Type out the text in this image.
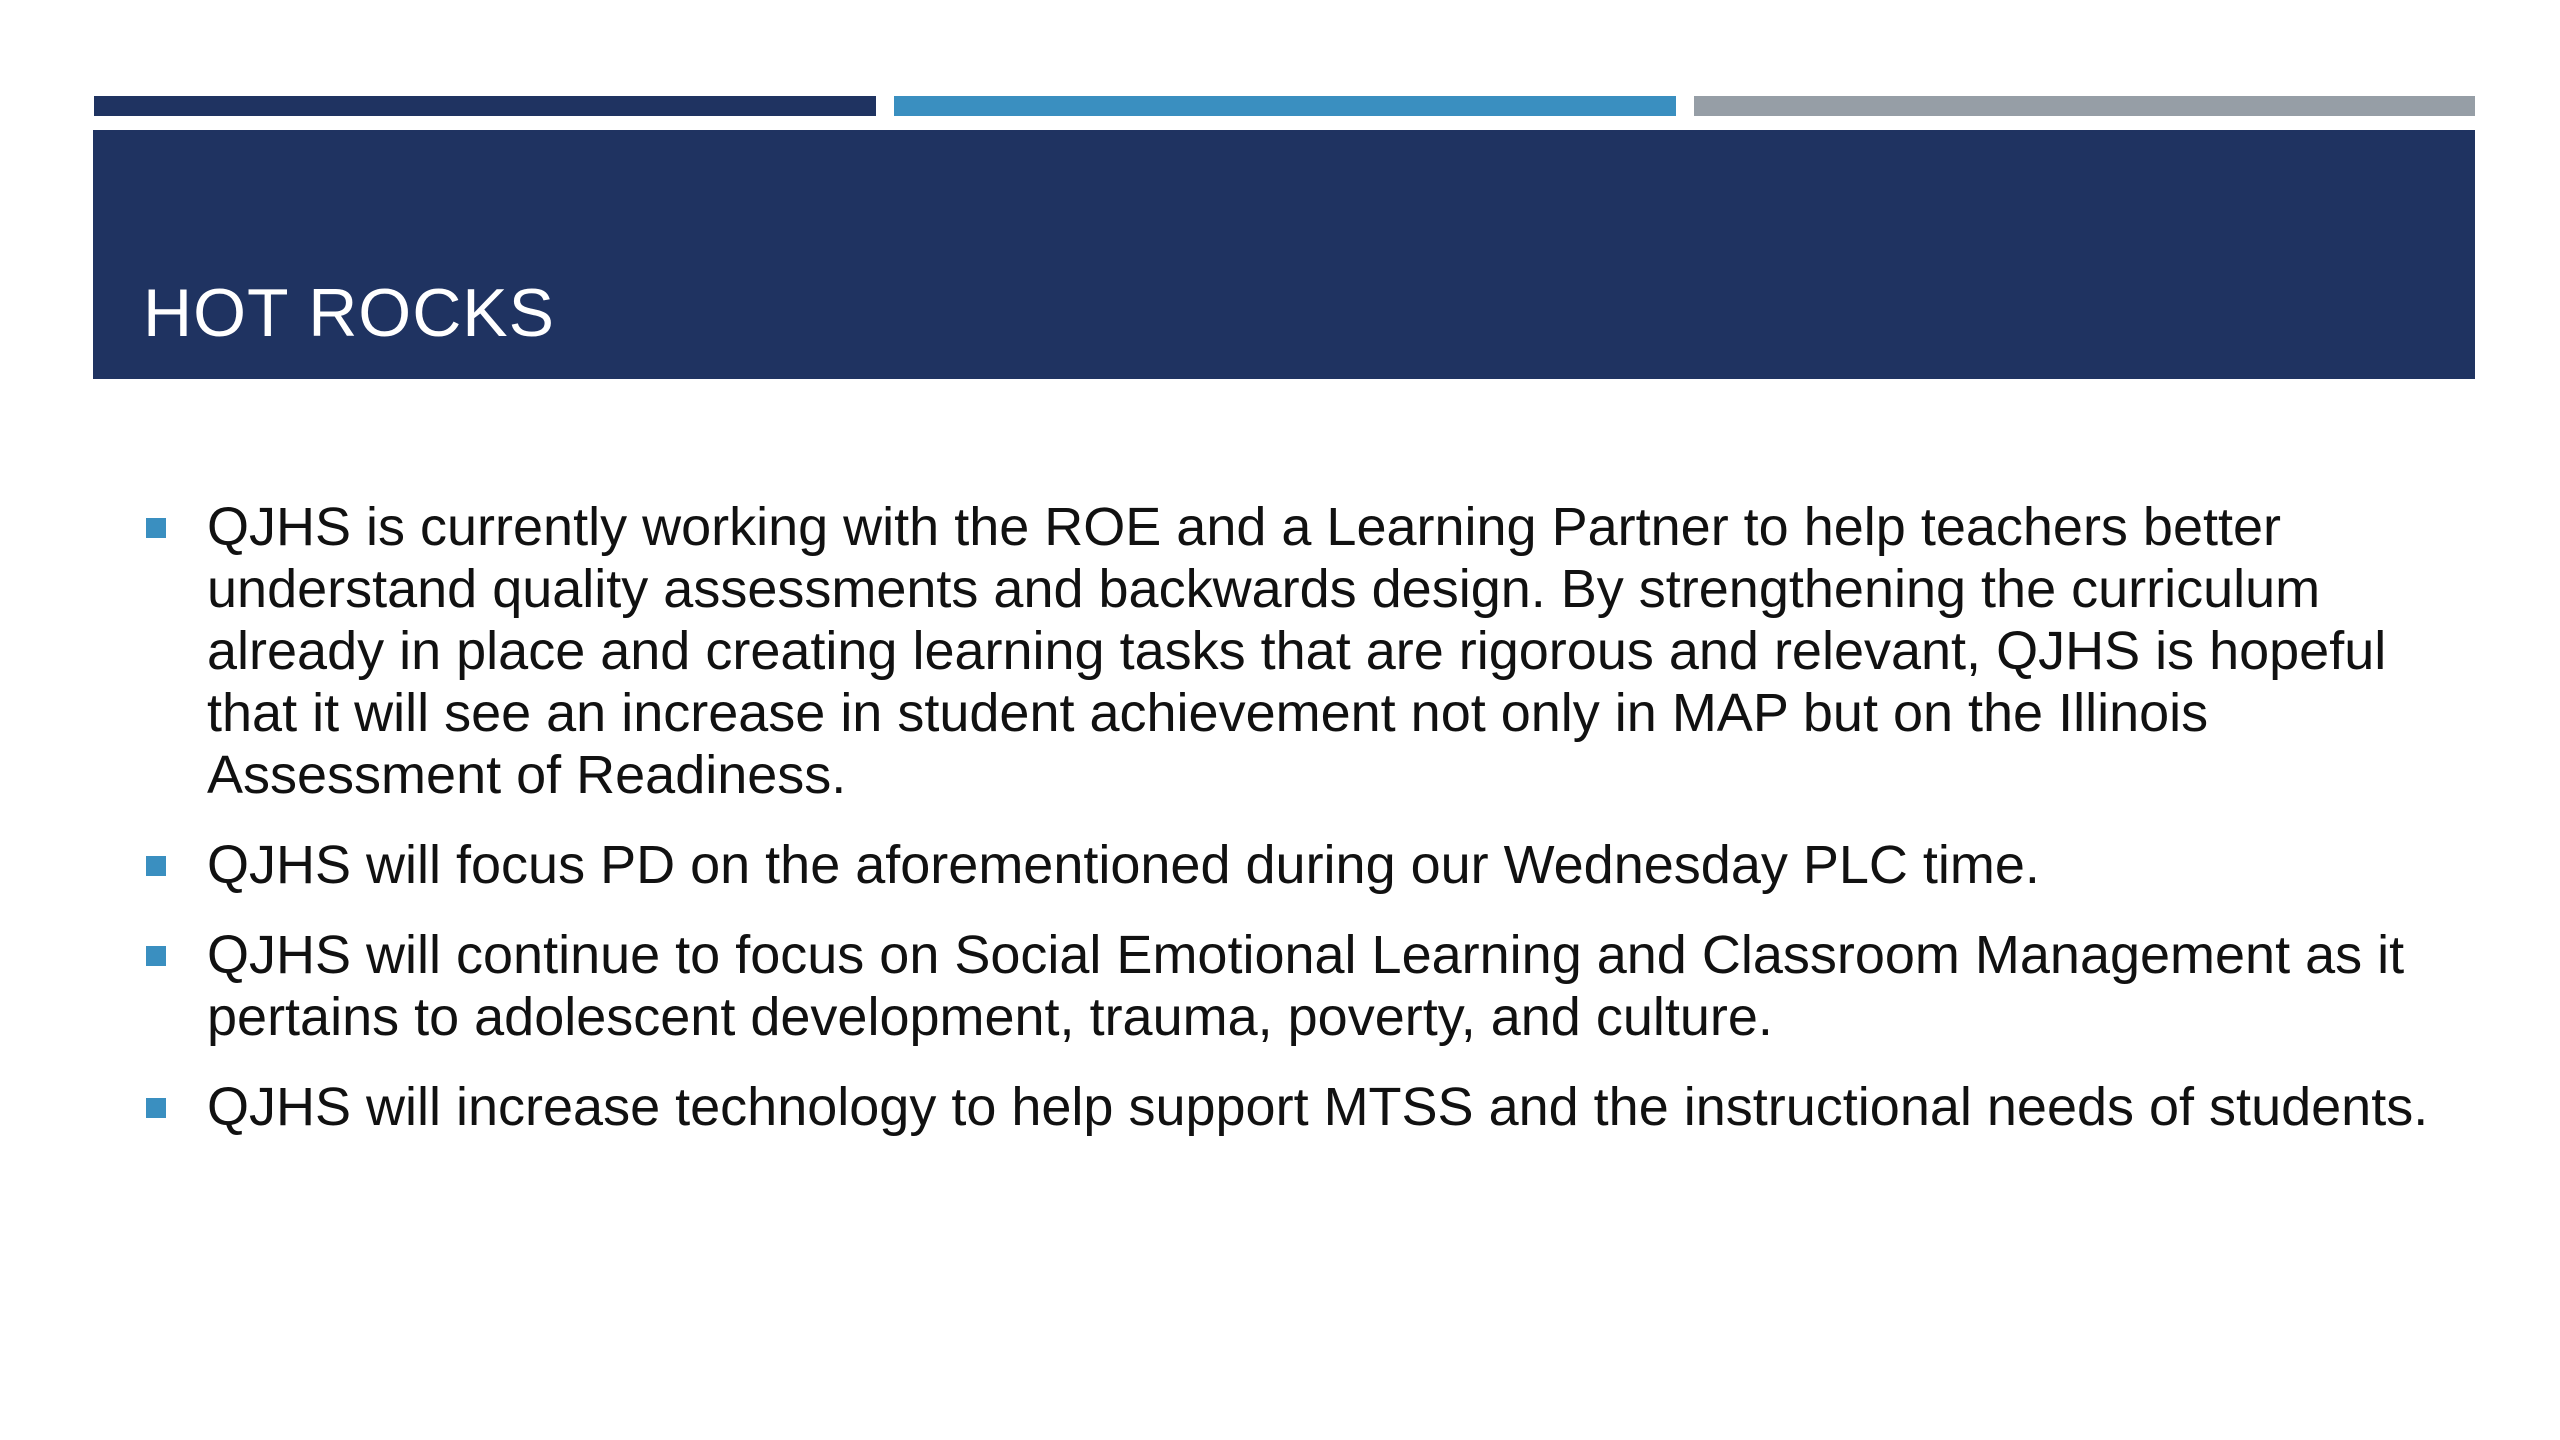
HOT ROCKS
QJHS is currently working with the ROE and a Learning Partner to help teachers better understand quality assessments and backwards design. By strengthening the curriculum already in place and creating learning tasks that are rigorous and relevant, QJHS is hopeful that it will see an increase in student achievement not only in MAP but on the Illinois Assessment of Readiness.
QJHS will focus PD on the aforementioned during our Wednesday PLC time.
QJHS will continue to focus on Social Emotional Learning and Classroom Management as it pertains to adolescent development, trauma, poverty, and culture.
QJHS will increase technology to help support MTSS and the instructional needs of students.
